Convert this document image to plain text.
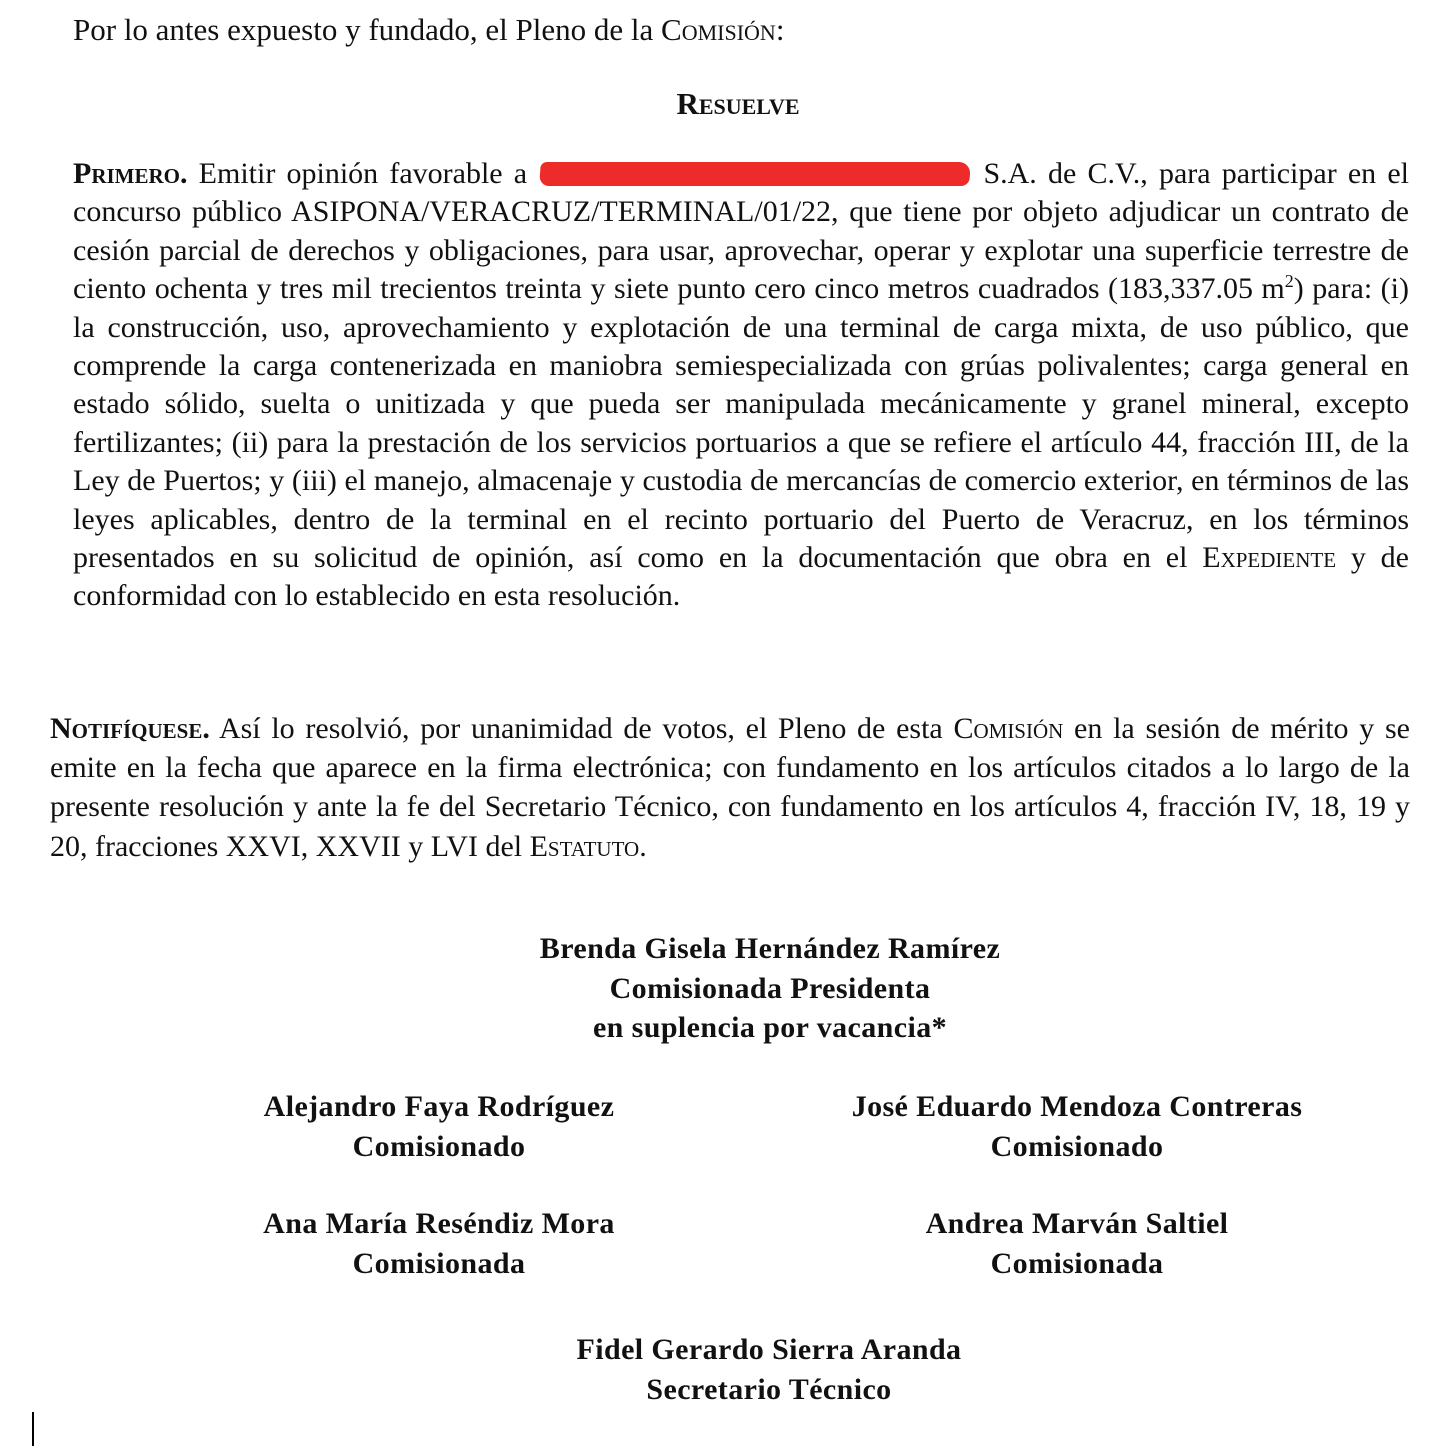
Por lo antes expuesto y fundado, el Pleno de la Comisión:
Resuelve
Primero. Emitir opinión favorable a	S.A. de C.V., para participar en el concurso público ASIPONA/VERACRUZ/TERMINAL/01/22, que tiene por objeto adjudicar un contrato de cesión parcial de derechos y obligaciones, para usar, aprovechar, operar y explotar una superficie terrestre de ciento ochenta y tres mil trecientos treinta y siete punto cero cinco metros cuadrados (183,337.05 $m^2$) para: (i) la construcción, uso, aprovechamiento y explotación de una terminal de carga mixta, de uso público, que comprende la carga contenerizada en maniobra semiespecializada con grúas polivalentes; carga general en estado sólido, suelta o unitizada y que pueda ser manipulada mecánicamente y granel mineral, excepto fertilizantes; (ii) para la prestación de los servicios portuarios a que se refiere el artículo 44, fracción III, de la Ley de Puertos; y (iii) el manejo, almacenaje y custodia de mercancías de comercio exterior, en términos de las leyes aplicables, dentro de la terminal en el recinto portuario del Puerto de Veracruz, en los términos presentados en su solicitud de opinión, así como en la documentación que obra en el Expediente y de conformidad con lo establecido en esta resolución.
Notifíquese. Así lo resolvió, por unanimidad de votos, el Pleno de esta Comisión en la sesión de mérito y se emite en la fecha que aparece en la firma electrónica; con fundamento en los artículos citados a lo largo de la presente resolución y ante la fe del Secretario Técnico, con fundamento en los artículos 4, fracción IV, 18, 19 y 20, fracciones XXVI, XXVII y LVI del Estatuto.
Brenda Gisela Hernández Ramírez
Comisionada Presidenta
en suplencia por vacancia*
Alejandro Faya Rodríguez
Comisionado
José Eduardo Mendoza Contreras
Comisionado
Ana María Reséndiz Mora
Comisionada
Andrea Marván Saltiel
Comisionada
Fidel Gerardo Sierra Aranda
Secretario Técnico
